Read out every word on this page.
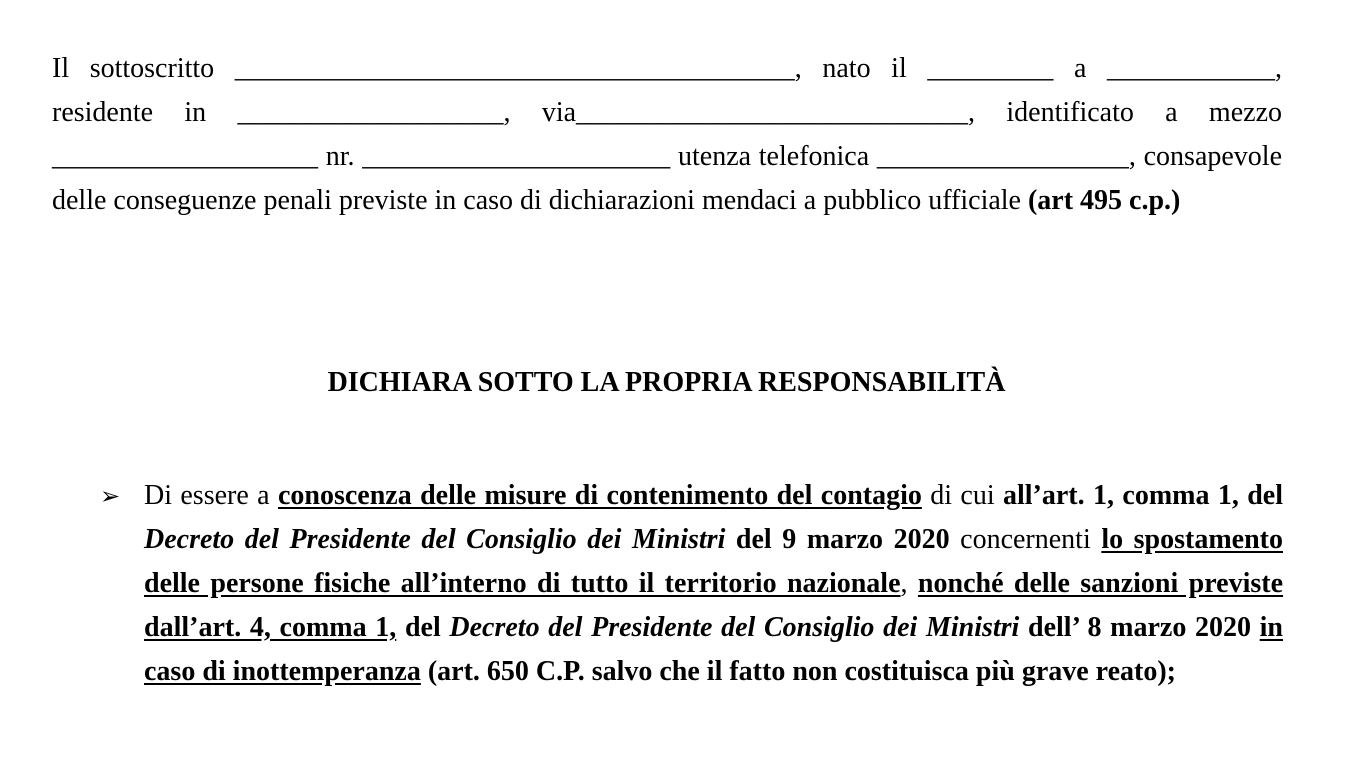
Il sottoscritto ________________________________________, nato il _________ a ____________, residente in ___________________, via____________________________, identificato a mezzo ___________________ nr. ______________________ utenza telefonica __________________, consapevole delle conseguenze penali previste in caso di dichiarazioni mendaci a pubblico ufficiale (art 495 c.p.)
DICHIARA SOTTO LA PROPRIA RESPONSABILITÀ
➢ Di essere a conoscenza delle misure di contenimento del contagio di cui all’art. 1, comma 1, del Decreto del Presidente del Consiglio dei Ministri del 9 marzo 2020 concernenti lo spostamento delle persone fisiche all’interno di tutto il territorio nazionale, nonché delle sanzioni previste dall’art. 4, comma 1, del Decreto del Presidente del Consiglio dei Ministri dell’ 8 marzo 2020 in caso di inottemperanza (art. 650 C.P. salvo che il fatto non costituisca più grave reato);
